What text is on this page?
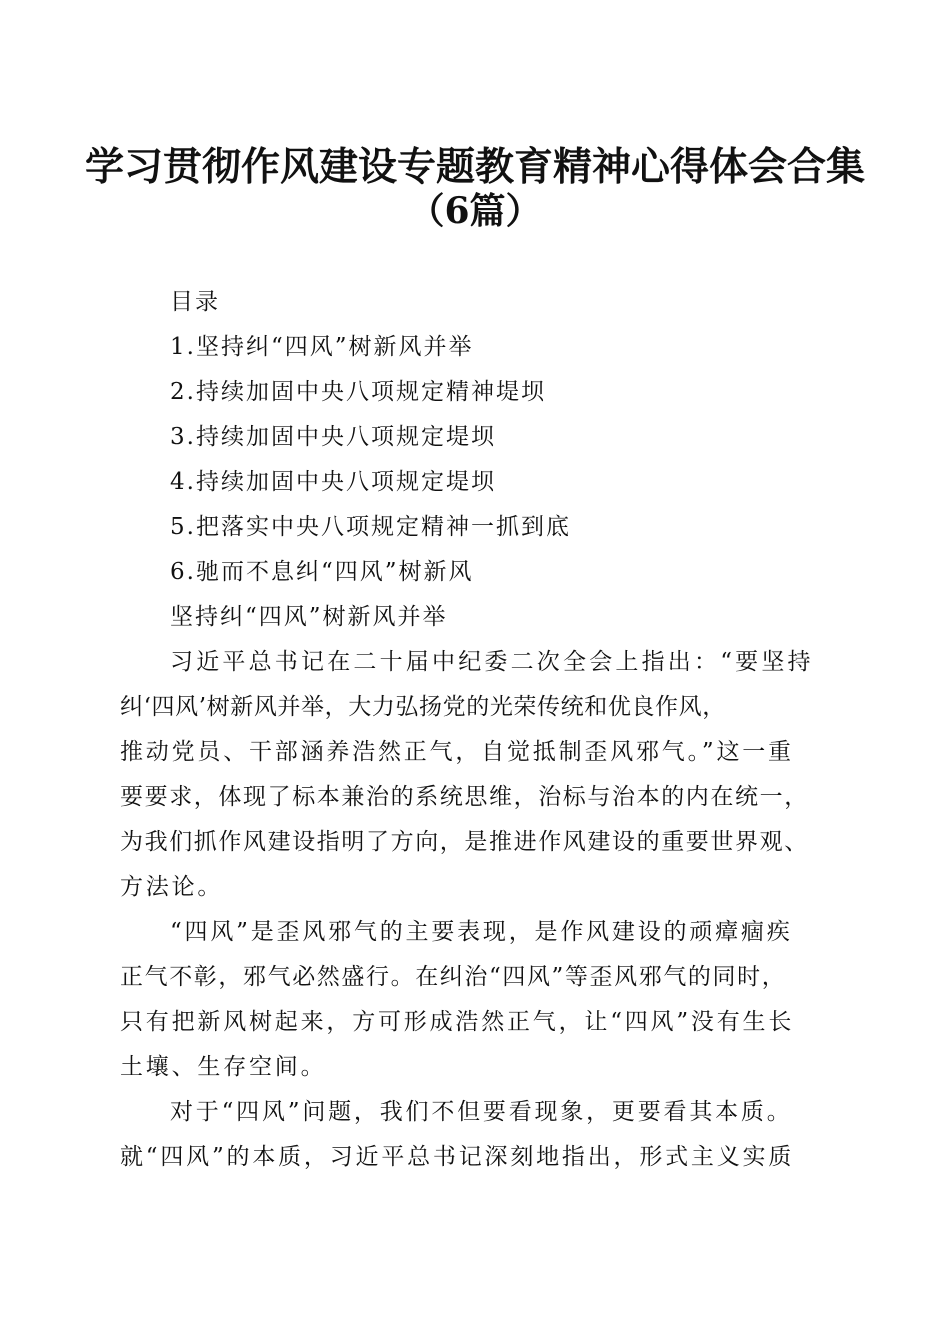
学习贯彻作风建设专题教育精神心得体会合集
（6篇）
目录
1.坚持纠“四风”树新风并举
2.持续加固中央八项规定精神堤坝
3.持续加固中央八项规定堤坝
4.持续加固中央八项规定堤坝
5.把落实中央八项规定精神一抓到底
6.驰而不息纠“四风”树新风
坚持纠“四风”树新风并举
习近平总书记在二十届中纪委二次全会上指出：“要坚持
纠‘四风’树新风并举，大力弘扬党的光荣传统和优良作风，
推动党员、干部涵养浩然正气，自觉抵制歪风邪气。”这一重
要要求，体现了标本兼治的系统思维，治标与治本的内在统一，
为我们抓作风建设指明了方向，是推进作风建设的重要世界观、
方法论。
“四风”是歪风邪气的主要表现，是作风建设的顽瘴痼疾
正气不彰，邪气必然盛行。在纠治“四风”等歪风邪气的同时，
只有把新风树起来，方可形成浩然正气，让“四风”没有生长
土壤、生存空间。
对于“四风”问题，我们不但要看现象，更要看其本质。
就“四风”的本质，习近平总书记深刻地指出，形式主义实质
